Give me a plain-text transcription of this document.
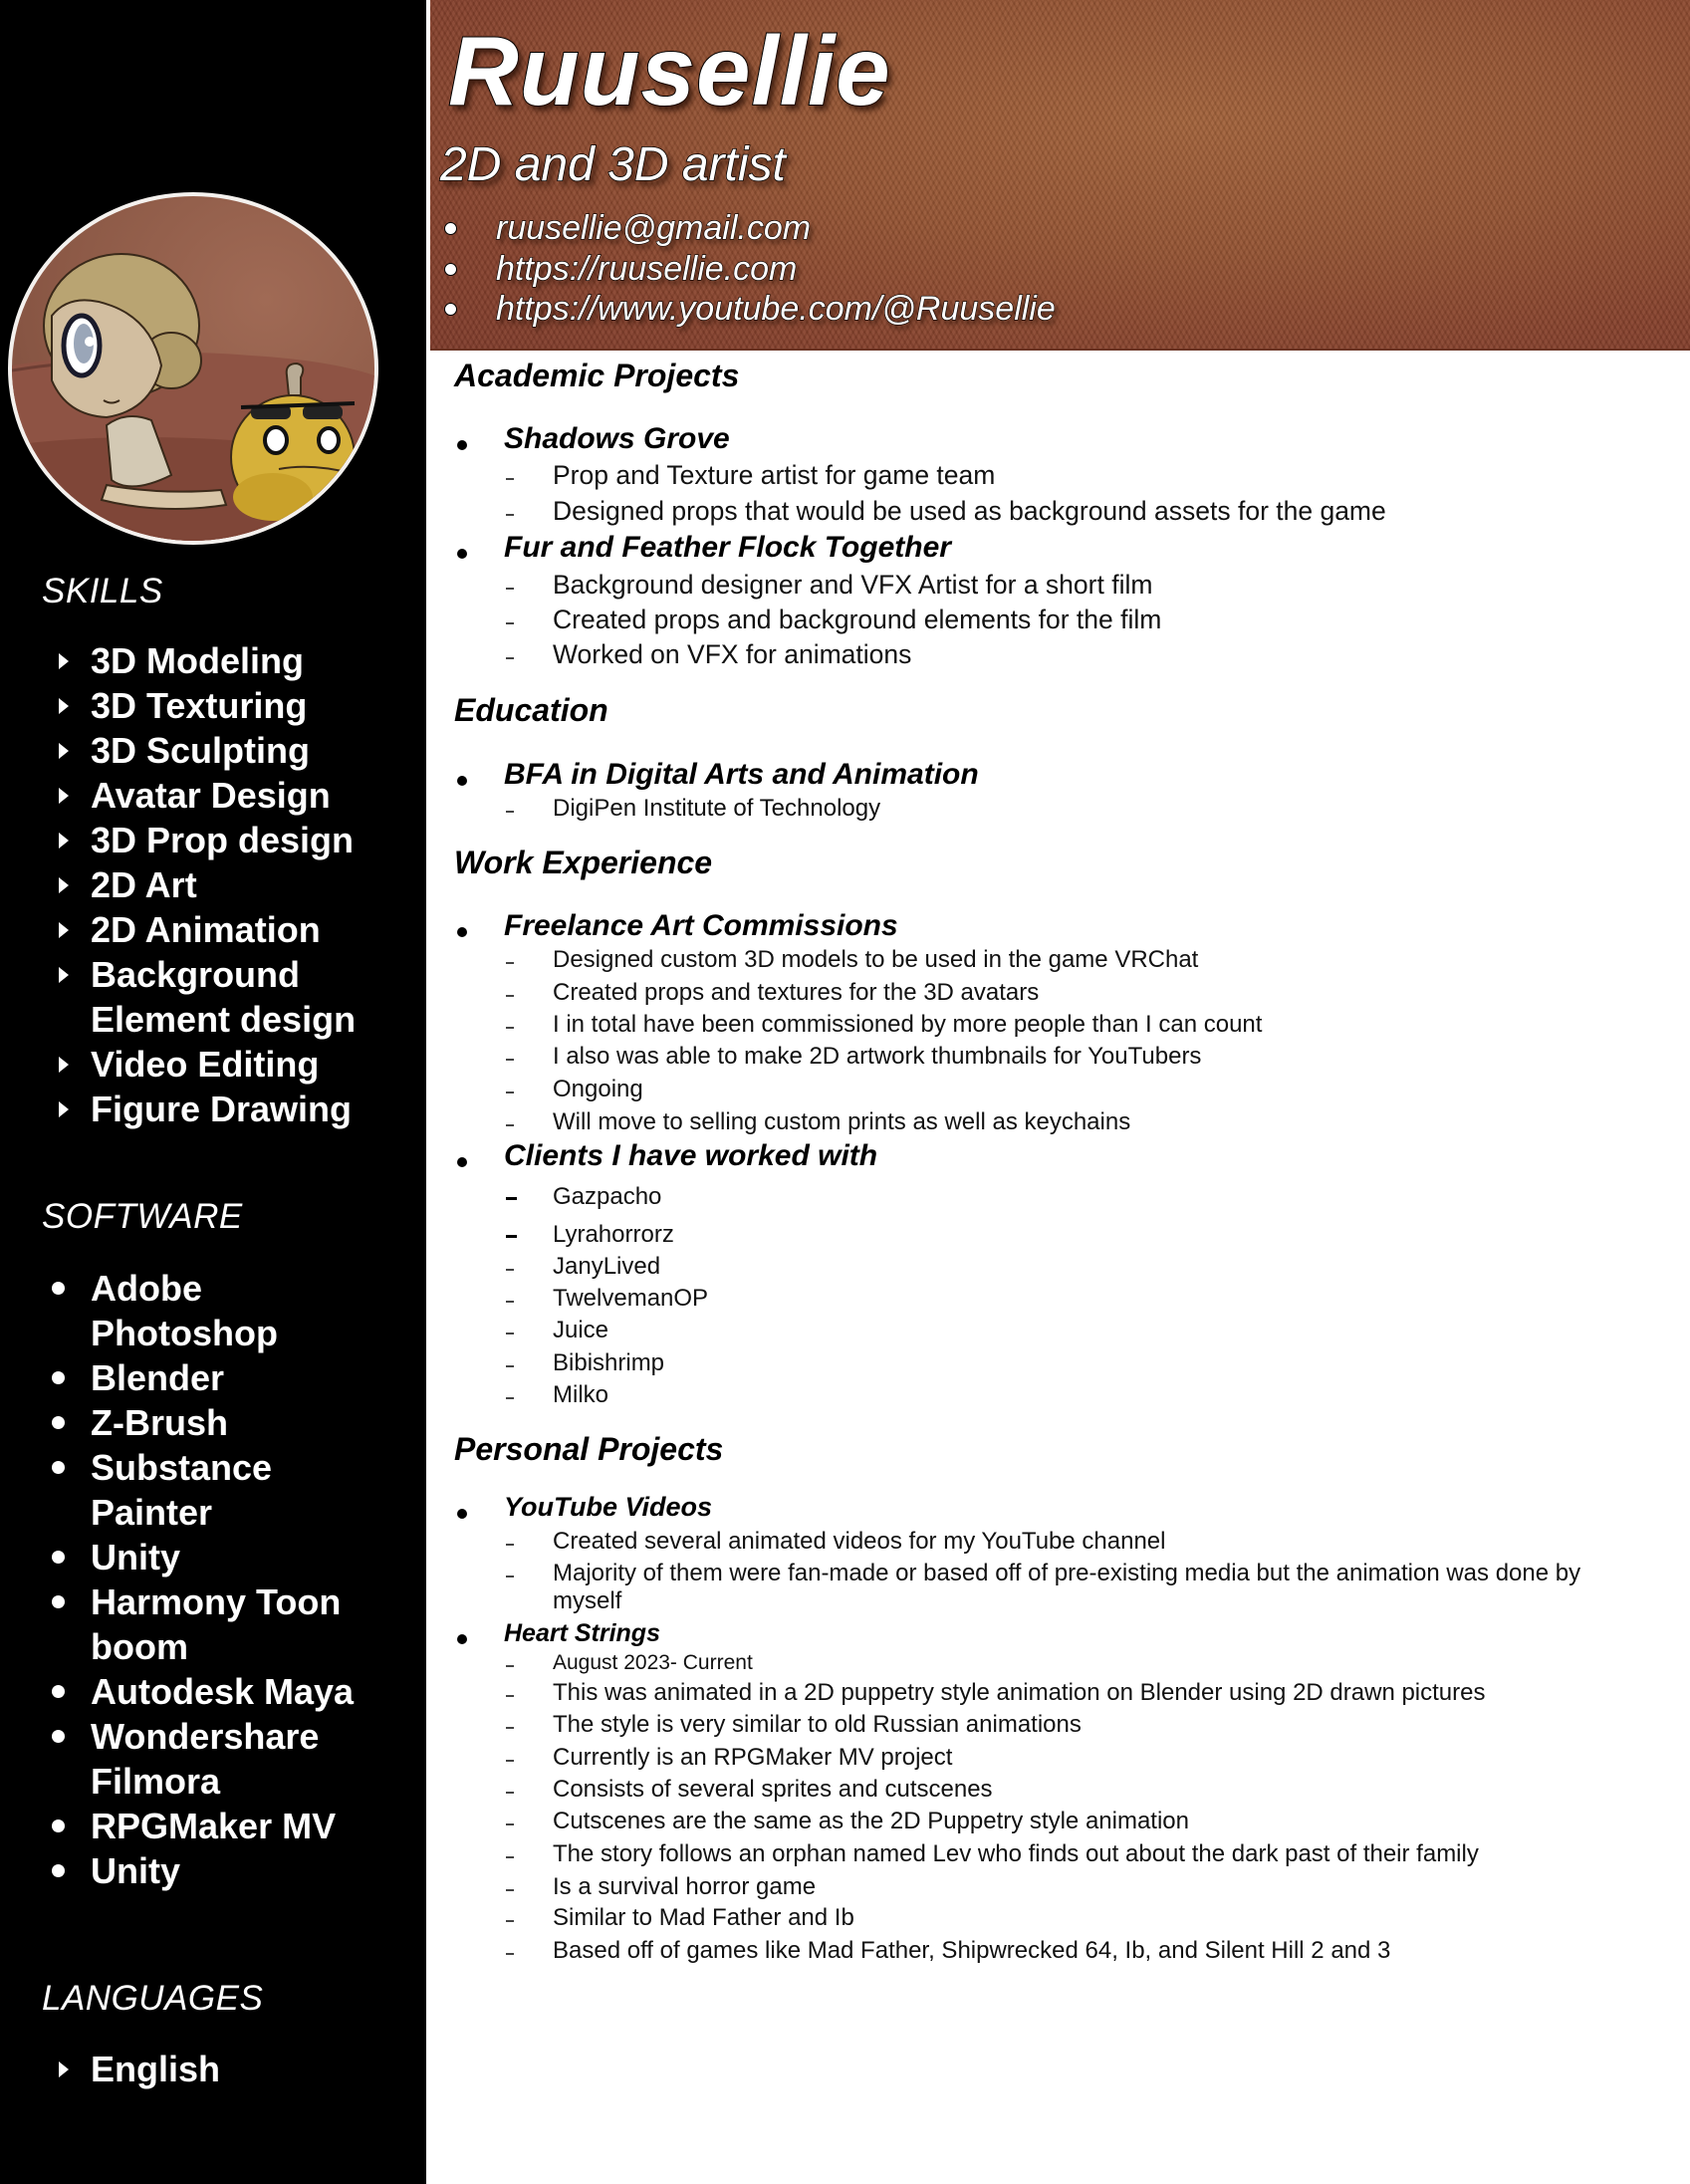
SKILLS
3D Modeling
3D Texturing
3D Sculpting
Avatar Design
3D Prop design
2D Art
2D Animation
Background Element design
Video Editing
Figure Drawing
SOFTWARE
Adobe Photoshop
Blender
Z-Brush
Substance Painter
Unity
Harmony Toon boom
Autodesk Maya
Wondershare Filmora
RPGMaker MV
Unity
LANGUAGES
English
Ruusellie
2D and 3D artist
ruusellie@gmail.com
https://ruusellie.com
https://www.youtube.com/@Ruusellie
Academic Projects
Shadows Grove
Prop and Texture artist for game team
Designed props that would be used as background assets for the game
Fur and Feather Flock Together
Background designer and VFX Artist for a short film
Created props and background elements for the film
Worked on VFX for animations
Education
BFA in Digital Arts and Animation
DigiPen Institute of Technology
Work Experience
Freelance Art Commissions
Designed custom 3D models to be used in the game VRChat
Created props and textures for the 3D avatars
I in total have been commissioned by more people than I can count
I also was able to make 2D artwork thumbnails for YouTubers
Ongoing
Will move to selling custom prints as well as keychains
Clients I have worked with
Gazpacho
Lyrahorrorz
JanyLived
TwelvemanOP
Juice
Bibishrimp
Milko
Personal Projects
YouTube Videos
Created several animated videos for my YouTube channel
Majority of them were fan-made or based off of pre-existing media but the animation was done by
myself
Heart Strings
August 2023- Current
This was animated in a 2D puppetry style animation on Blender using 2D drawn pictures
The style is very similar to old Russian animations
Currently is an RPGMaker MV project
Consists of several sprites and cutscenes
Cutscenes are the same as the 2D Puppetry style animation
The story follows an orphan named Lev who finds out about the dark past of their family
Is a survival horror game
Similar to Mad Father and Ib
Based off of games like Mad Father, Shipwrecked 64, Ib, and Silent Hill 2 and 3
